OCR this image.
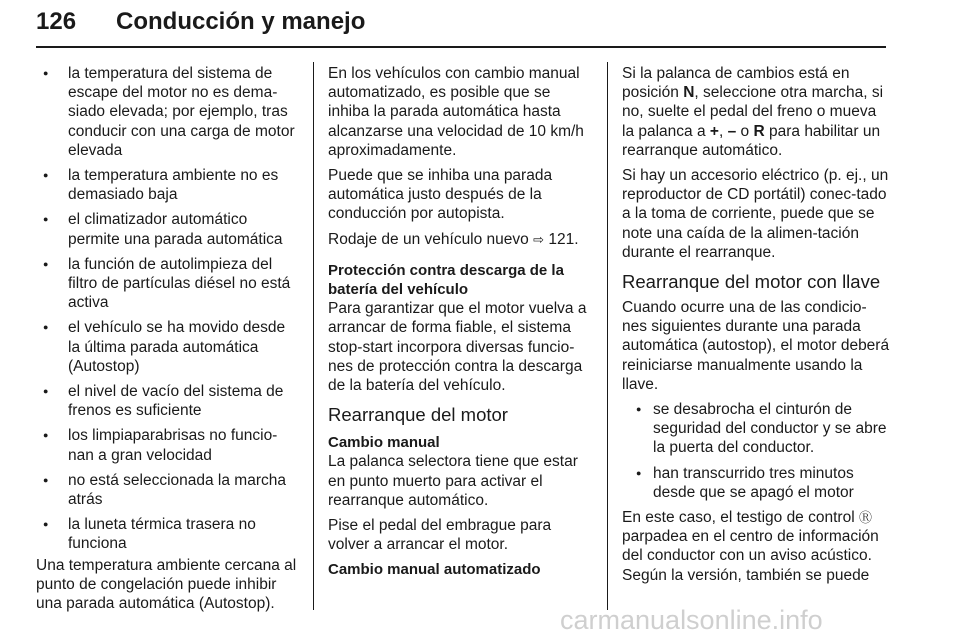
126 Conducción y manejo
● la temperatura del sistema de escape del motor no es dema-siado elevada; por ejemplo, tras conducir con una carga de motor elevada
● la temperatura ambiente no es demasiado baja
● el climatizador automático permite una parada automática
● la función de autolimpieza del filtro de partículas diésel no está activa
● el vehículo se ha movido desde la última parada automática (Autostop)
● el nivel de vacío del sistema de frenos es suficiente
● los limpiaparabrisas no funcio-nan a gran velocidad
● no está seleccionada la marcha atrás
● la luneta térmica trasera no funciona

Una temperatura ambiente cercana al punto de congelación puede inhibir una parada automática (Autostop).

En los vehículos con cambio manual automatizado, es posible que se inhiba la parada automática hasta alcanzarse una velocidad de 10 km/h aproximadamente.

Puede que se inhiba una parada automática justo después de la conducción por autopista.

Rodaje de un vehículo nuevo ⇨ 121.

Protección contra descarga de la batería del vehículo

Para garantizar que el motor vuelva a arrancar de forma fiable, el sistema stop-start incorpora diversas funcio-nes de protección contra la descarga de la batería del vehículo.

Rearranque del motor
Cambio manual

La palanca selectora tiene que estar en punto muerto para activar el rearranque automático.

Pise el pedal del embrague para volver a arrancar el motor.

Cambio manual automatizado

Si la palanca de cambios está en posición N, seleccione otra marcha, si no, suelte el pedal del freno o mueva la palanca a +, – o R para habilitar un rearranque automático.

Si hay un accesorio eléctrico (p. ej., un reproductor de CD portátil) conec-tado a la toma de corriente, puede que se note una caída de la alimen-tación durante el rearranque.

Rearranque del motor con llave

Cuando ocurre una de las condicio-nes siguientes durante una parada automática (autostop), el motor deberá reiniciarse manualmente usando la llave.

● se desabrocha el cinturón de seguridad del conductor y se abre la puerta del conductor.
● han transcurrido tres minutos desde que se apagó el motor

En este caso, el testigo de control Ⓡ parpadea en el centro de información del conductor con un aviso acústico. Según la versión, también se puede

carmanualsonline.info
